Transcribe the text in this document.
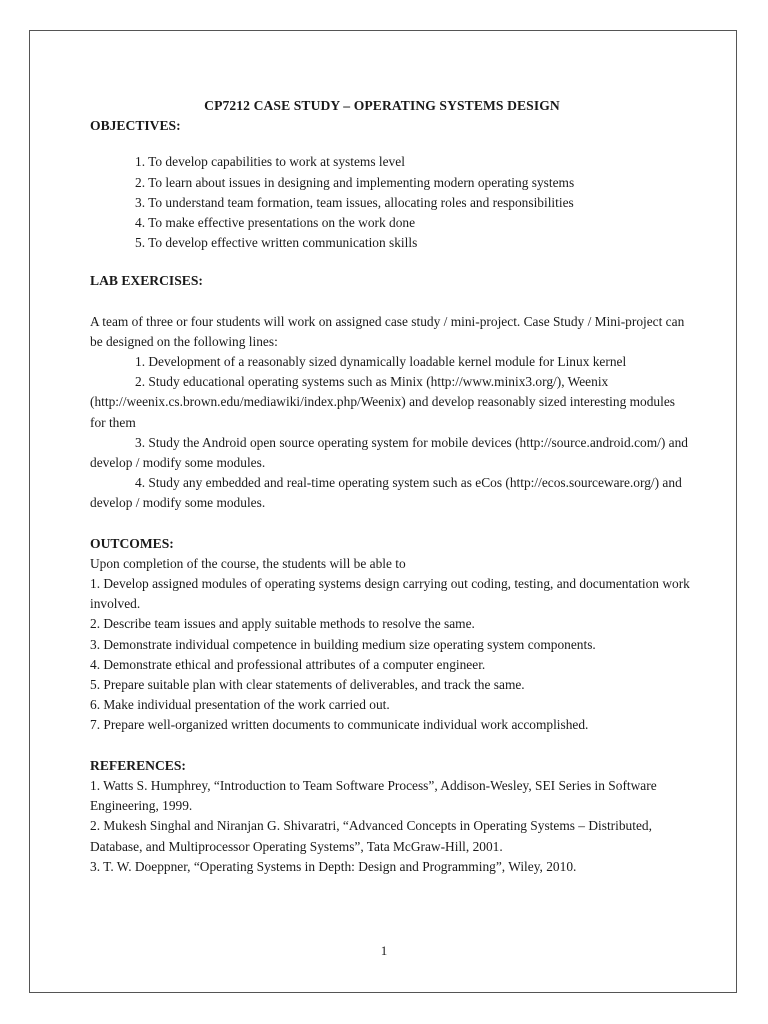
CP7212 CASE STUDY – OPERATING SYSTEMS DESIGN
OBJECTIVES:
1. To develop capabilities to work at systems level
2. To learn about issues in designing and implementing modern operating systems
3. To understand team formation, team issues, allocating roles and responsibilities
4. To make effective presentations on the work done
5. To develop effective written communication skills
LAB EXERCISES:

A team of three or four students will work on assigned case study / mini-project. Case Study / Mini-project can be designed on the following lines:

1. Development of a reasonably sized dynamically loadable kernel module for Linux kernel

2. Study educational operating systems such as Minix (http://www.minix3.org/), Weenix (http://weenix.cs.brown.edu/mediawiki/index.php/Weenix) and develop reasonably sized interesting modules for them

3. Study the Android open source operating system for mobile devices (http://source.android.com/) and develop / modify some modules.

4. Study any embedded and real-time operating system such as eCos (http://ecos.sourceware.org/) and develop / modify some modules.

OUTCOMES:

Upon completion of the course, the students will be able to

1. Develop assigned modules of operating systems design carrying out coding, testing, and documentation work involved.

2. Describe team issues and apply suitable methods to resolve the same.

3. Demonstrate individual competence in building medium size operating system components.

4. Demonstrate ethical and professional attributes of a computer engineer.

5. Prepare suitable plan with clear statements of deliverables, and track the same.

6. Make individual presentation of the work carried out.

7. Prepare well-organized written documents to communicate individual work accomplished.

REFERENCES:

1. Watts S. Humphrey, “Introduction to Team Software Process”, Addison-Wesley, SEI Series in Software Engineering, 1999.

2. Mukesh Singhal and Niranjan G. Shivaratri, “Advanced Concepts in Operating Systems – Distributed, Database, and Multiprocessor Operating Systems”, Tata McGraw-Hill, 2001.

3. T. W. Doeppner, “Operating Systems in Depth: Design and Programming”, Wiley, 2010.

1
